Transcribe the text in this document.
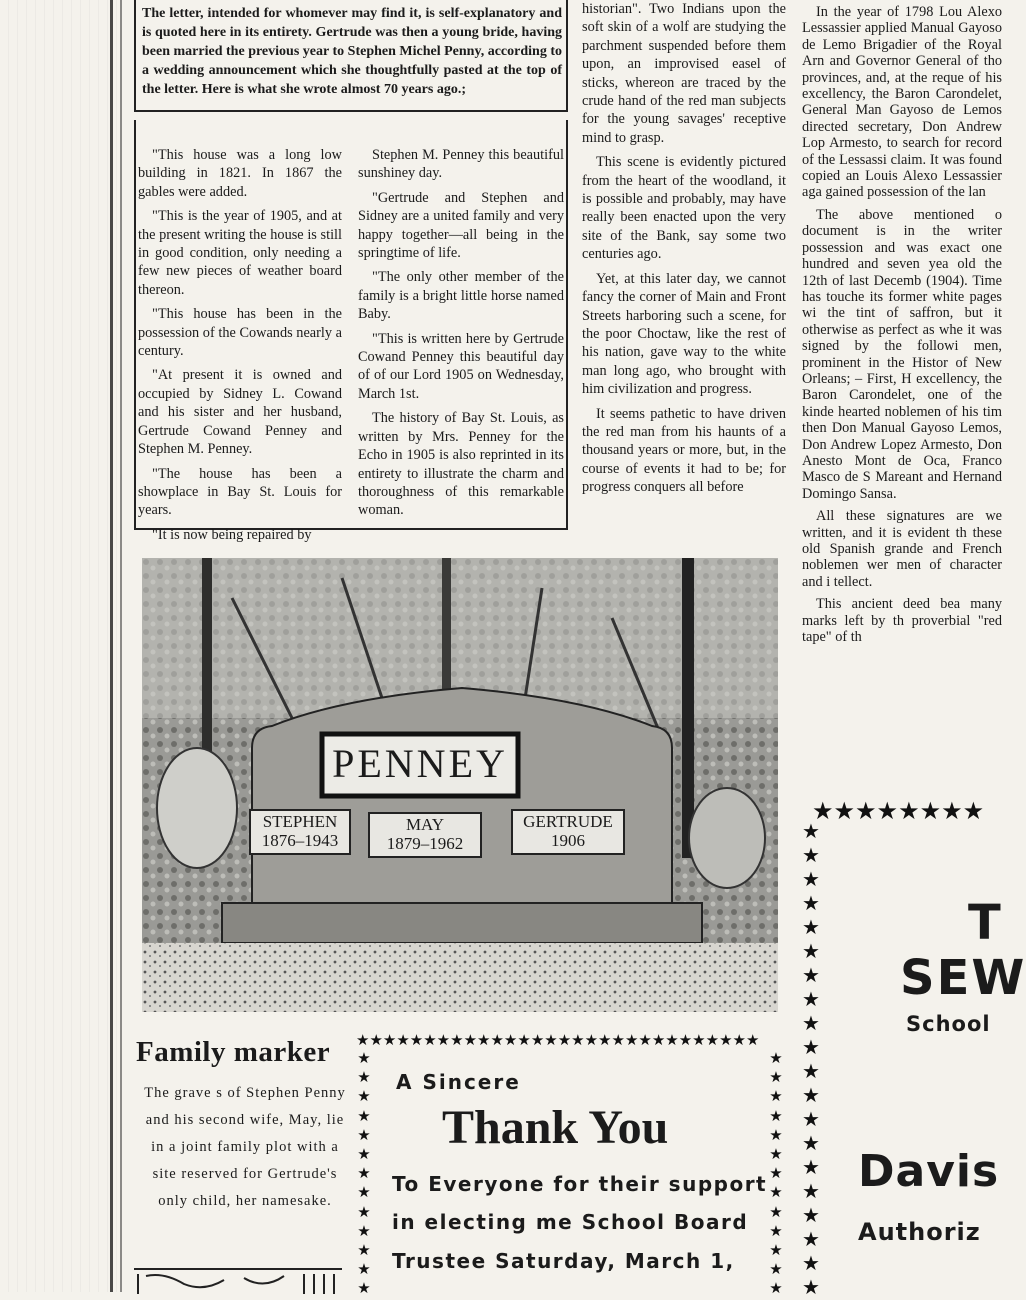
The letter, intended for whomever may find it, is self-explanatory and is quoted here in its entirety. Gertrude was then a young bride, having been married the previous year to Stephen Michel Penny, according to a wedding announcement which she thoughtfully pasted at the top of the letter. Here is what she wrote almost 70 years ago.;

"This house was a long low building in 1821. In 1867 the gables were added.

"This is the year of 1905, and at the present writing the house is still in good condition, only needing a few new pieces of weather board thereon.

"This house has been in the possession of the Cowands nearly a century.

"At present it is owned and occupied by Sidney L. Cowand and his sister and her husband, Gertrude Cowand Penney and Stephen M. Penney.

"The house has been a showplace in Bay St. Louis for years.

"It is now being repaired by

Stephen M. Penney this beautiful sunshiney day.

"Gertrude and Stephen and Sidney are a united family and very happy together—all being in the springtime of life.

"The only other member of the family is a bright little horse named Baby.

"This is written here by Gertrude Cowand Penney this beautiful day of of our Lord 1905 on Wednesday, March 1st.

The history of Bay St. Louis, as written by Mrs. Penney for the Echo in 1905 is also reprinted in its entirety to illustrate the charm and thoroughness of this remarkable woman.

historian". Two Indians upon the soft skin of a wolf are studying the parchment suspended before them upon, an improvised easel of sticks, whereon are traced by the crude hand of the red man subjects for the young savages' receptive mind to grasp.

This scene is evidently pictured from the heart of the woodland, it is possible and probably, may have really been enacted upon the very site of the Bank, say some two centuries ago.

Yet, at this later day, we cannot fancy the corner of Main and Front Streets harboring such a scene, for the poor Choctaw, like the rest of his nation, gave way to the white man long ago, who brought with him civilization and progress.

It seems pathetic to have driven the red man from his haunts of a thousand years or more, but, in the course of events it had to be; for progress conquers all before

In the year of 1798 Lou Alexo Lessassier applied Manual Gayoso de Lemo Brigadier of the Royal Arn and Governor General of tho provinces, and, at the reque of his excellency, the Baron Carondelet, General Man Gayoso de Lemos directed secretary, Don Andrew Lop Armesto, to search for record of the Lessassi claim. It was found copied an Louis Alexo Lessassier aga gained possession of the lan

The above mentioned o document is in the writer possession and was exact one hundred and seven yea old the 12th of last Decemb (1904). Time has touche its former white pages wi the tint of saffron, but it otherwise as perfect as whe it was signed by the followi men, prominent in the Histor of New Orleans; – First, H excellency, the Baron Carondelet, one of the kinde hearted noblemen of his tim then Don Manual Gayoso Lemos, Don Andrew Lopez Armesto, Don Anesto Mont de Oca, Franco Masco de S Mareant and Hernand Domingo Sansa.

All these signatures are we written, and it is evident th these old Spanish grande and French noblemen wer men of character and i tellect.

This ancient deed bea many marks left by th proverbial "red tape" of th

PENNEY
STEPHEN
1876–1943
MAY
1879–1962
GERTRUDE
1906
Family marker
The grave s of Stephen Penny and his second wife, May, lie in a joint family plot with a site reserved for Gertrude's only child, her namesake.
★★★★★★★★★★★★★★★★★★★★★★★★★★★★★★
★
★
★
★
★
★
★
★
★
★
★
★
★
★
★
★
★
★
★
★
★
★
★
★
★
★
A Sincere
Thank You
To Everyone for their support
in electing me School Board
Trustee Saturday, March 1,
★★★★★★★★
★
★
★
★
★
★
★
★
★
★
★
★
★
★
★
★
★
★
★
★
T
SEW
School
Davis
Authoriz
